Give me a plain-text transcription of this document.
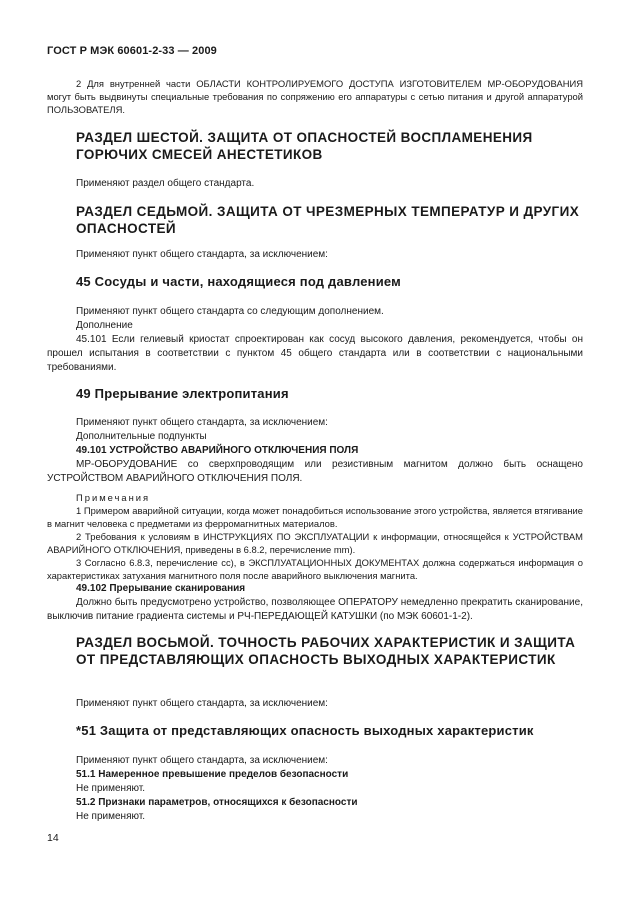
ГОСТ Р МЭК 60601-2-33 — 2009
2 Для внутренней части ОБЛАСТИ КОНТРОЛИРУЕМОГО ДОСТУПА ИЗГОТОВИТЕЛЕМ МР-ОБОРУДОВАНИЯ могут быть выдвинуты специальные требования по сопряжению его аппаратуры с сетью питания и другой аппаратурой ПОЛЬЗОВАТЕЛЯ.
РАЗДЕЛ ШЕСТОЙ. ЗАЩИТА ОТ ОПАСНОСТЕЙ ВОСПЛАМЕНЕНИЯ ГОРЮЧИХ СМЕСЕЙ АНЕСТЕТИКОВ
Применяют раздел общего стандарта.
РАЗДЕЛ СЕДЬМОЙ. ЗАЩИТА ОТ ЧРЕЗМЕРНЫХ ТЕМПЕРАТУР И ДРУГИХ ОПАСНОСТЕЙ
Применяют пункт общего стандарта, за исключением:
45 Сосуды и части, находящиеся под давлением

Применяют пункт общего стандарта со следующим дополнением.

Дополнение

45.101 Если гелиевый криостат спроектирован как сосуд высокого давления, рекомендуется, чтобы он прошел испытания в соответствии с пунктом 45 общего стандарта или в соответствии с национальными требованиями.

49 Прерывание электропитания

Применяют пункт общего стандарта, за исключением:

Дополнительные подпункты

49.101 УСТРОЙСТВО АВАРИЙНОГО ОТКЛЮЧЕНИЯ ПОЛЯ

МР-ОБОРУДОВАНИЕ со сверхпроводящим или резистивным магнитом должно быть оснащено УСТРОЙСТВОМ АВАРИЙНОГО ОТКЛЮЧЕНИЯ ПОЛЯ.

Примечания

1 Примером аварийной ситуации, когда может понадобиться использование этого устройства, является втягивание в магнит человека с предметами из ферромагнитных материалов.

2 Требования к условиям в ИНСТРУКЦИЯХ ПО ЭКСПЛУАТАЦИИ к информации, относящейся к УСТРОЙСТВАМ АВАРИЙНОГО ОТКЛЮЧЕНИЯ, приведены в 6.8.2, перечисление mm).

3 Согласно 6.8.3, перечисление cc), в ЭКСПЛУАТАЦИОННЫХ ДОКУМЕНТАХ должна содержаться информация о характеристиках затухания магнитного поля после аварийного выключения магнита.

49.102 Прерывание сканирования

Должно быть предусмотрено устройство, позволяющее ОПЕРАТОРУ немедленно прекратить сканирование, выключив питание градиента системы и РЧ-ПЕРЕДАЮЩЕЙ КАТУШКИ (по МЭК 60601-1-2).

РАЗДЕЛ ВОСЬМОЙ. ТОЧНОСТЬ РАБОЧИХ ХАРАКТЕРИСТИК И ЗАЩИТА ОТ ПРЕДСТАВЛЯЮЩИХ ОПАСНОСТЬ ВЫХОДНЫХ ХАРАКТЕРИСТИК
Применяют пункт общего стандарта, за исключением:
*51 Защита от представляющих опасность выходных характеристик

Применяют пункт общего стандарта, за исключением:

51.1 Намеренное превышение пределов безопасности

Не применяют.

51.2 Признаки параметров, относящихся к безопасности

Не применяют.

14
